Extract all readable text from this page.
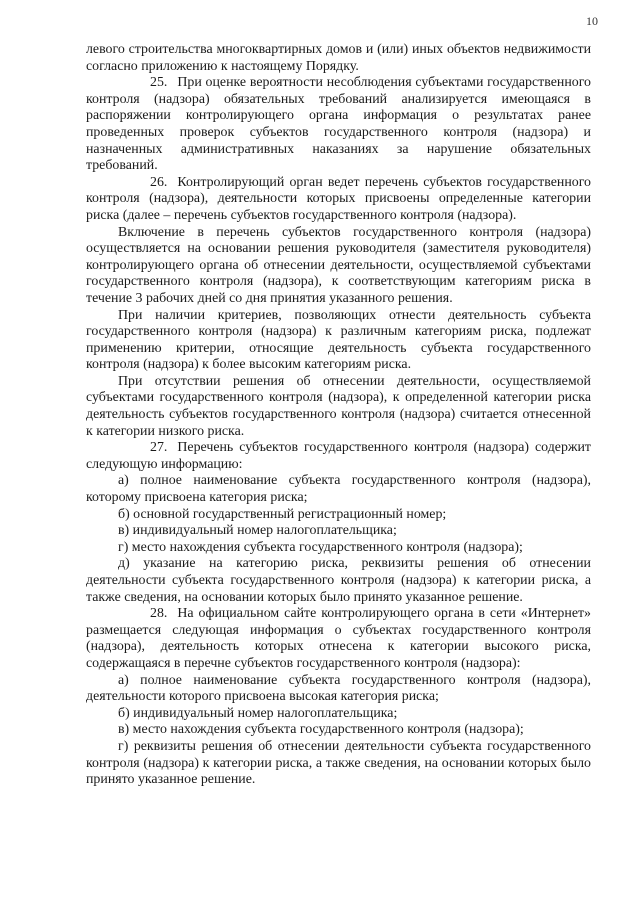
10

левого строительства многоквартирных домов и (или) иных объектов недвижимости согласно приложению к настоящему Порядку.

25. При оценке вероятности несоблюдения субъектами государственного контроля (надзора) обязательных требований анализируется имеющаяся в распоряжении контролирующего органа информация о результатах ранее проведенных проверок субъектов государственного контроля (надзора) и назначенных административных наказаниях за нарушение обязательных требований.

26. Контролирующий орган ведет перечень субъектов государственного контроля (надзора), деятельности которых присвоены определенные категории риска (далее – перечень субъектов государственного контроля (надзора).

Включение в перечень субъектов государственного контроля (надзора) осуществляется на основании решения руководителя (заместителя руководителя) контролирующего органа об отнесении деятельности, осуществляемой субъектами государственного контроля (надзора), к соответствующим категориям риска в течение 3 рабочих дней со дня принятия указанного решения.

При наличии критериев, позволяющих отнести деятельность субъекта государственного контроля (надзора) к различным категориям риска, подлежат применению критерии, относящие деятельность субъекта государственного контроля (надзора) к более высоким категориям риска.

При отсутствии решения об отнесении деятельности, осуществляемой субъектами государственного контроля (надзора), к определенной категории риска деятельность субъектов государственного контроля (надзора) считается отнесенной к категории низкого риска.

27. Перечень субъектов государственного контроля (надзора) содержит следующую информацию:

а) полное наименование субъекта государственного контроля (надзора), которому присвоена категория риска;

б) основной государственный регистрационный номер;

в) индивидуальный номер налогоплательщика;

г) место нахождения субъекта государственного контроля (надзора);

д) указание на категорию риска, реквизиты решения об отнесении деятельности субъекта государственного контроля (надзора) к категории риска, а также сведения, на основании которых было принято указанное решение.

28. На официальном сайте контролирующего органа в сети «Интернет» размещается следующая информация о субъектах государственного контроля (надзора), деятельность которых отнесена к категории высокого риска, содержащаяся в перечне субъектов государственного контроля (надзора):

а) полное наименование субъекта государственного контроля (надзора), деятельности которого присвоена высокая категория риска;

б) индивидуальный номер налогоплательщика;

в) место нахождения субъекта государственного контроля (надзора);

г) реквизиты решения об отнесении деятельности субъекта государственного контроля (надзора) к категории риска, а также сведения, на основании которых было принято указанное решение.
